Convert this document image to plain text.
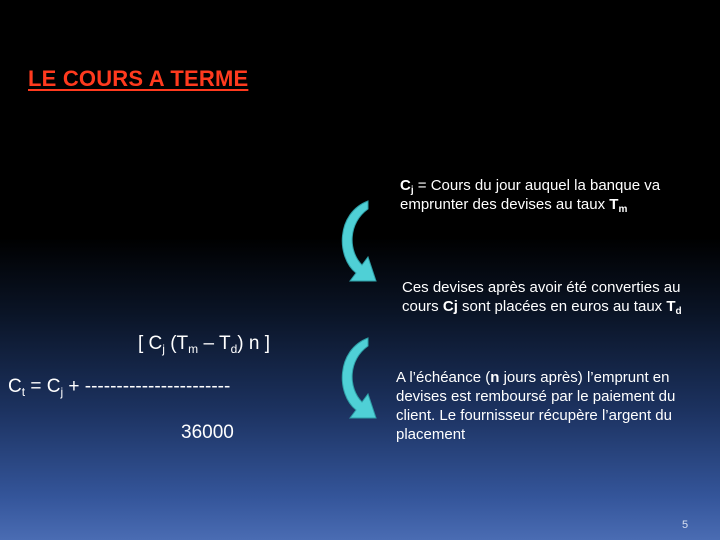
LE COURS A TERME
$C_j$ = Cours du jour auquel la banque va emprunter des devises au taux $T_m$
Ces devises après avoir été converties au cours Cj sont placées en euros au taux $T_d$
A l’échéance (n jours après) l’emprunt en devises est remboursé par le paiement du client. Le fournisseur récupère l’argent du placement
[ $C_j$ $(T_m - T_d)$ n ]
$C_t = C_j$ + -----------------------
36000
5
